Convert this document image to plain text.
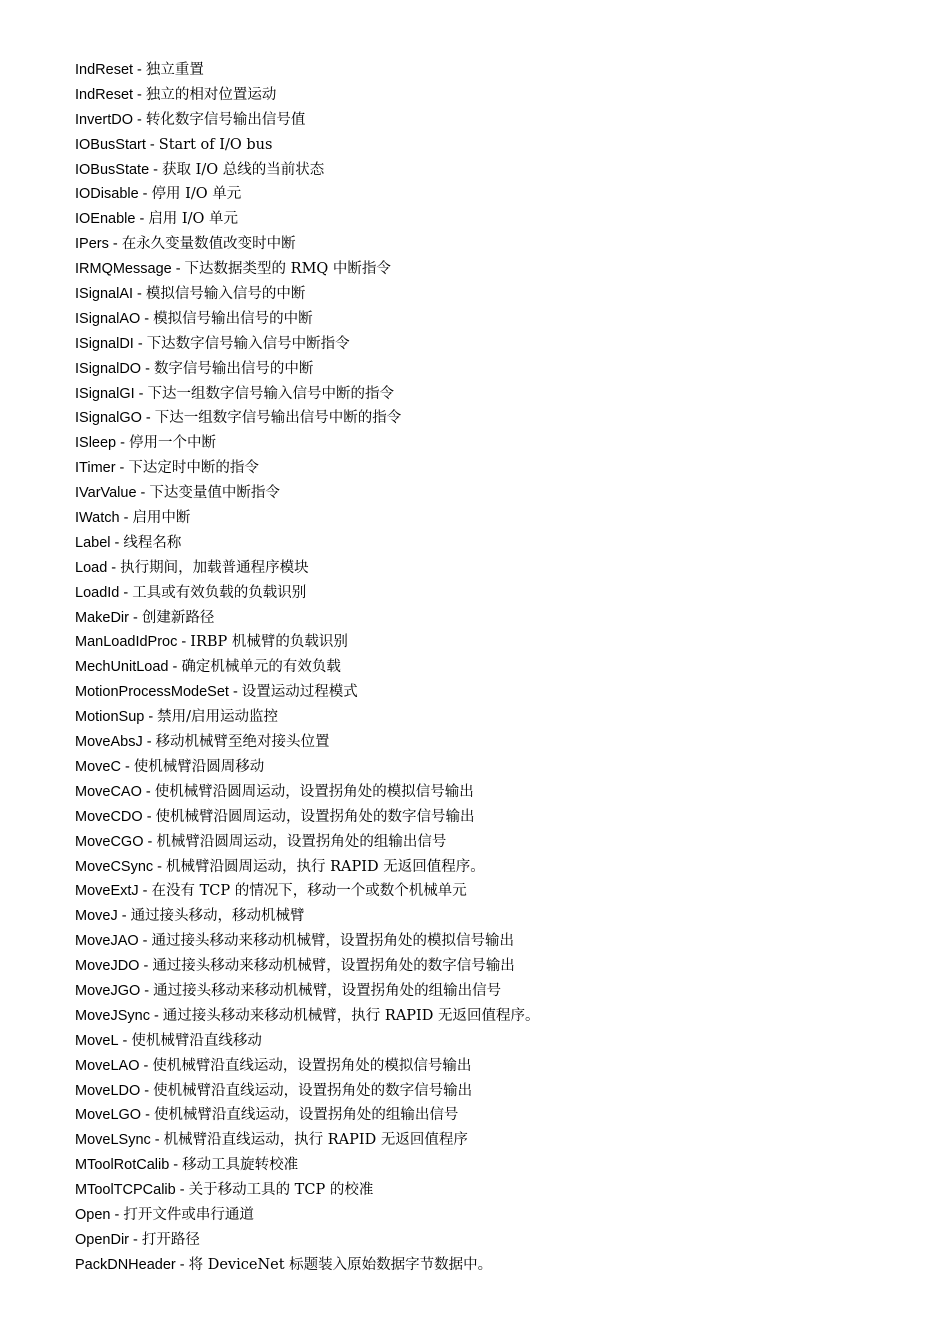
IndReset - 独立重置
IndReset - 独立的相对位置运动
InvertDO - 转化数字信号输出信号值
IOBusStart - Start of I/O bus
IOBusState - 获取 I/O 总线的当前状态
IODisable - 停用 I/O 单元
IOEnable - 启用 I/O 单元
IPers - 在永久变量数值改变时中断
IRMQMessage - 下达数据类型的 RMQ 中断指令
ISignalAI - 模拟信号输入信号的中断
ISignalAO - 模拟信号输出信号的中断
ISignalDI - 下达数字信号输入信号中断指令
ISignalDO - 数字信号输出信号的中断
ISignalGI - 下达一组数字信号输入信号中断的指令
ISignalGO - 下达一组数字信号输出信号中断的指令
ISleep - 停用一个中断
ITimer - 下达定时中断的指令
IVarValue - 下达变量值中断指令
IWatch - 启用中断
Label - 线程名称
Load - 执行期间，加载普通程序模块
LoadId - 工具或有效负载的负载识别
MakeDir - 创建新路径
ManLoadIdProc - IRBP 机械臂的负载识别
MechUnitLoad - 确定机械单元的有效负载
MotionProcessModeSet - 设置运动过程模式
MotionSup - 禁用/启用运动监控
MoveAbsJ - 移动机械臂至绝对接头位置
MoveC - 使机械臂沿圆周移动
MoveCAO - 使机械臂沿圆周运动，设置拐角处的模拟信号输出
MoveCDO - 使机械臂沿圆周运动，设置拐角处的数字信号输出
MoveCGO - 机械臂沿圆周运动，设置拐角处的组输出信号
MoveCSync - 机械臂沿圆周运动，执行 RAPID 无返回值程序。
MoveExtJ - 在没有 TCP 的情况下，移动一个或数个机械单元
MoveJ - 通过接头移动，移动机械臂
MoveJAO - 通过接头移动来移动机械臂，设置拐角处的模拟信号输出
MoveJDO - 通过接头移动来移动机械臂，设置拐角处的数字信号输出
MoveJGO - 通过接头移动来移动机械臂，设置拐角处的组输出信号
MoveJSync - 通过接头移动来移动机械臂，执行 RAPID 无返回值程序。
MoveL - 使机械臂沿直线移动
MoveLAO - 使机械臂沿直线运动，设置拐角处的模拟信号输出
MoveLDO - 使机械臂沿直线运动，设置拐角处的数字信号输出
MoveLGO - 使机械臂沿直线运动，设置拐角处的组输出信号
MoveLSync - 机械臂沿直线运动，执行 RAPID 无返回值程序
MToolRotCalib - 移动工具旋转校准
MToolTCPCalib - 关于移动工具的 TCP 的校准
Open - 打开文件或串行通道
OpenDir - 打开路径
PackDNHeader - 将 DeviceNet 标题装入原始数据字节数据中。
